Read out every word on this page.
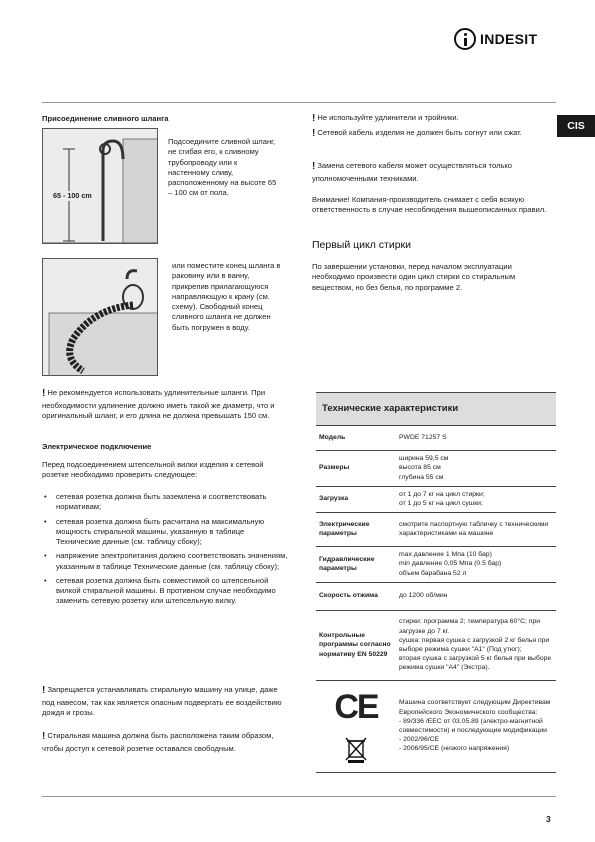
INDESIT
CIS
Присоединение сливного шланга
65 - 100 cm
Подсоедините сливной шланг, не сгибая его, к сливному трубопроводу или к настенному сливу, расположенному на высоте 65 – 100 см от пола.
или поместите конец шланга в раковину или в ванну, прикрепив прилагающуюся направляющую к крану (см. схему). Свободный конец сливного шланга не должен быть погружен в воду.
! Не рекомендуется использовать удлинительные шланги. При необходимости удлинение должно иметь такой же диаметр, что и оригинальный шланг, и его длина не должна превышать 150 см.
Электрическое подключение
Перед подсоединением штепсельной вилки изделия к сетевой розетке необходимо проверить следующее:
• сетевая розетка должна быть заземлена и соответствовать нормативам;
• сетевая розетка должна быть расчитана на максимальную мощность стиральной машины, указанную в таблице Технические данные (см. таблицу сбоку);
• напряжение электропитания должно соответствовать значениям, указанным в таблице Технические данные (см. таблицу сбоку);
• сетевая розетка должна быть совместимой со штепсельной вилкой стиральной машины. В противном случае необходимо заменить сетевую розетку или штепсельную вилку.
! Запрещается устанавливать стиральную машину на улице, даже под навесом, так как является опасным подвергать ее воздействию дождя и грозы.
! Стиральная машина должна быть расположена таким образом, чтобы доступ к сетевой розетке оставался свободным.
! Не используйте удлинители и тройники.
! Сетевой кабель изделия не должен быть согнут или сжат.
! Замена сетевого кабеля может осуществляться только уполномоченными техниками.
Внимание! Компания-производитель снимает с себя всякую ответственность в случае несоблюдения вышеописанных правил.
Первый цикл стирки
По завершении установки, перед началом эксплуатации необходимо произвести один цикл стирки со стиральным веществом, но без белья, по программе 2.
Технические характеристики
Модель	PWDE 71257 S
Размеры	ширина 59,5 см
высота 85 см
глубина 55 см
Загрузка	от 1 до 7 кг на цикл стирки;
от 1 до 5 кг на цикл сушки;
Электрические параметры	смотрите паспортную табличку с техническими характеристиками на машине
Гидравлические параметры	max давление 1 Мпа (10 бар)
min давление 0,05 Мпа (0.5 бар)
объем барабана 52 л
Скорость отжима	до 1200 об/мин
Контрольные программы согласно нормативу EN 50229	стирки: программа 2; температура 60°С; при загрузке до 7 кг.
сушка: первая сушка с загрузкой 2 кг белья при выборе режима сушки "A1" (Под утюг);
вторая сушка с загрузкой 5 кг белья при выборе режима сушки "A4" (Экстра).

CE	Машина соответствует следующим Директивам Европейского Экономического сообщества:
- 89/336 /EEC от 03.05.89 (электро-магнитной совместимости) и последующие модификации
- 2002/96/CE
- 2006/95/CE (низкого напряжения)
3
